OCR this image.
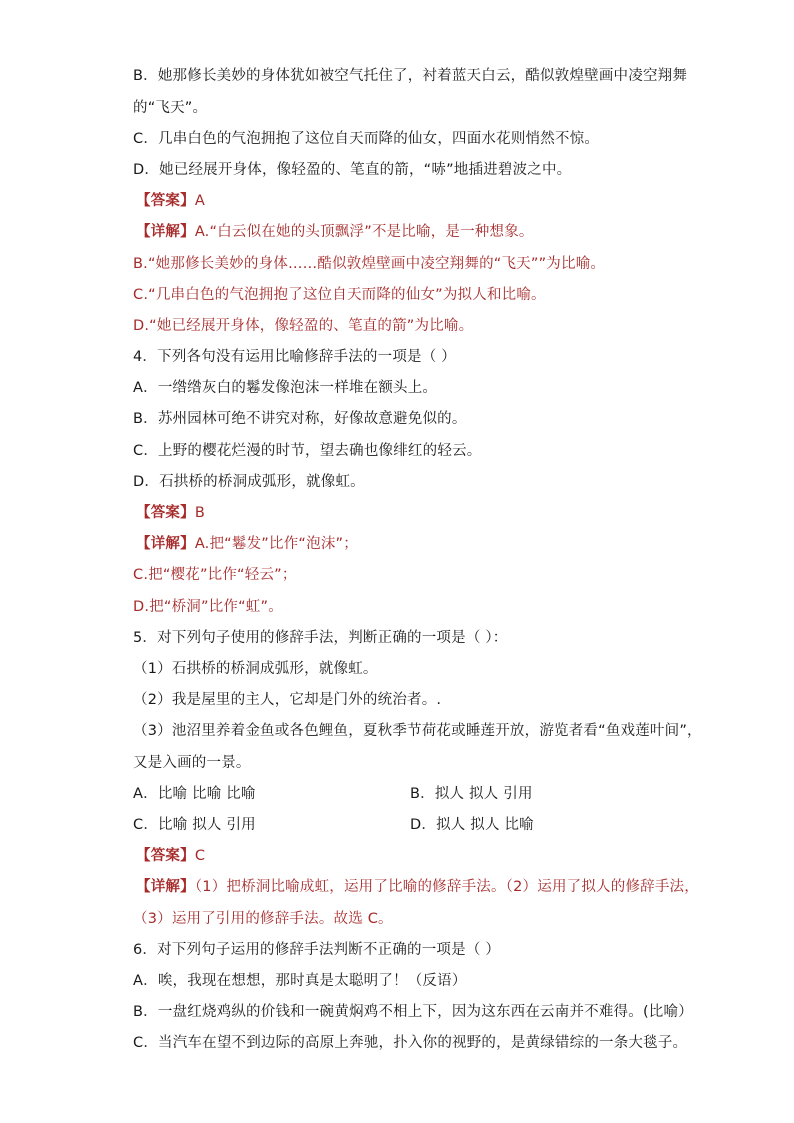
B．她那修长美妙的身体犹如被空气托住了，衬着蓝天白云，酷似敦煌壁画中凌空翔舞
的“飞天”。
C．几串白色的气泡拥抱了这位自天而降的仙女，四面水花则悄然不惊。
D．她已经展开身体，像轻盈的、笔直的箭，“哧”地插进碧波之中。
【答案】A
【详解】A.“白云似在她的头顶飘浮”不是比喻，是一种想象。
B.“她那修长美妙的身体……酷似敦煌壁画中凌空翔舞的“飞天””为比喻。
C.“几串白色的气泡拥抱了这位自天而降的仙女”为拟人和比喻。
D.“她已经展开身体，像轻盈的、笔直的箭”为比喻。
4．下列各句没有运用比喻修辞手法的一项是（ ）
A．一绺绺灰白的鬈发像泡沫一样堆在额头上。
B．苏州园林可绝不讲究对称，好像故意避免似的。
C．上野的樱花烂漫的时节，望去确也像绯红的轻云。
D．石拱桥的桥洞成弧形，就像虹。
【答案】B
【详解】A.把“鬈发”比作“泡沫”；
C.把“樱花”比作“轻云”；
D.把“桥洞”比作“虹”。
5．对下列句子使用的修辞手法，判断正确的一项是（ ）：
（1）石拱桥的桥洞成弧形，就像虹。
（2）我是屋里的主人，它却是门外的统治者。.
（3）池沼里养着金鱼或各色鲤鱼，夏秋季节荷花或睡莲开放，游览者看“鱼戏莲叶间”，
又是入画的一景。
A．比喻 比喻 比喻	B．拟人 拟人 引用
C．比喻 拟人 引用	D．拟人 拟人 比喻
【答案】C
【详解】（1）把桥洞比喻成虹，运用了比喻的修辞手法。（2）运用了拟人的修辞手法，
（3）运用了引用的修辞手法。故选 C。
6．对下列句子运用的修辞手法判断不正确的一项是（ ）
A．唉，我现在想想，那时真是太聪明了！（反语）
B．一盘红烧鸡纵的价钱和一碗黄焖鸡不相上下，因为这东西在云南并不难得。(比喻）
C．当汽车在望不到边际的高原上奔驰，扑入你的视野的，是黄绿错综的一条大毯子。
